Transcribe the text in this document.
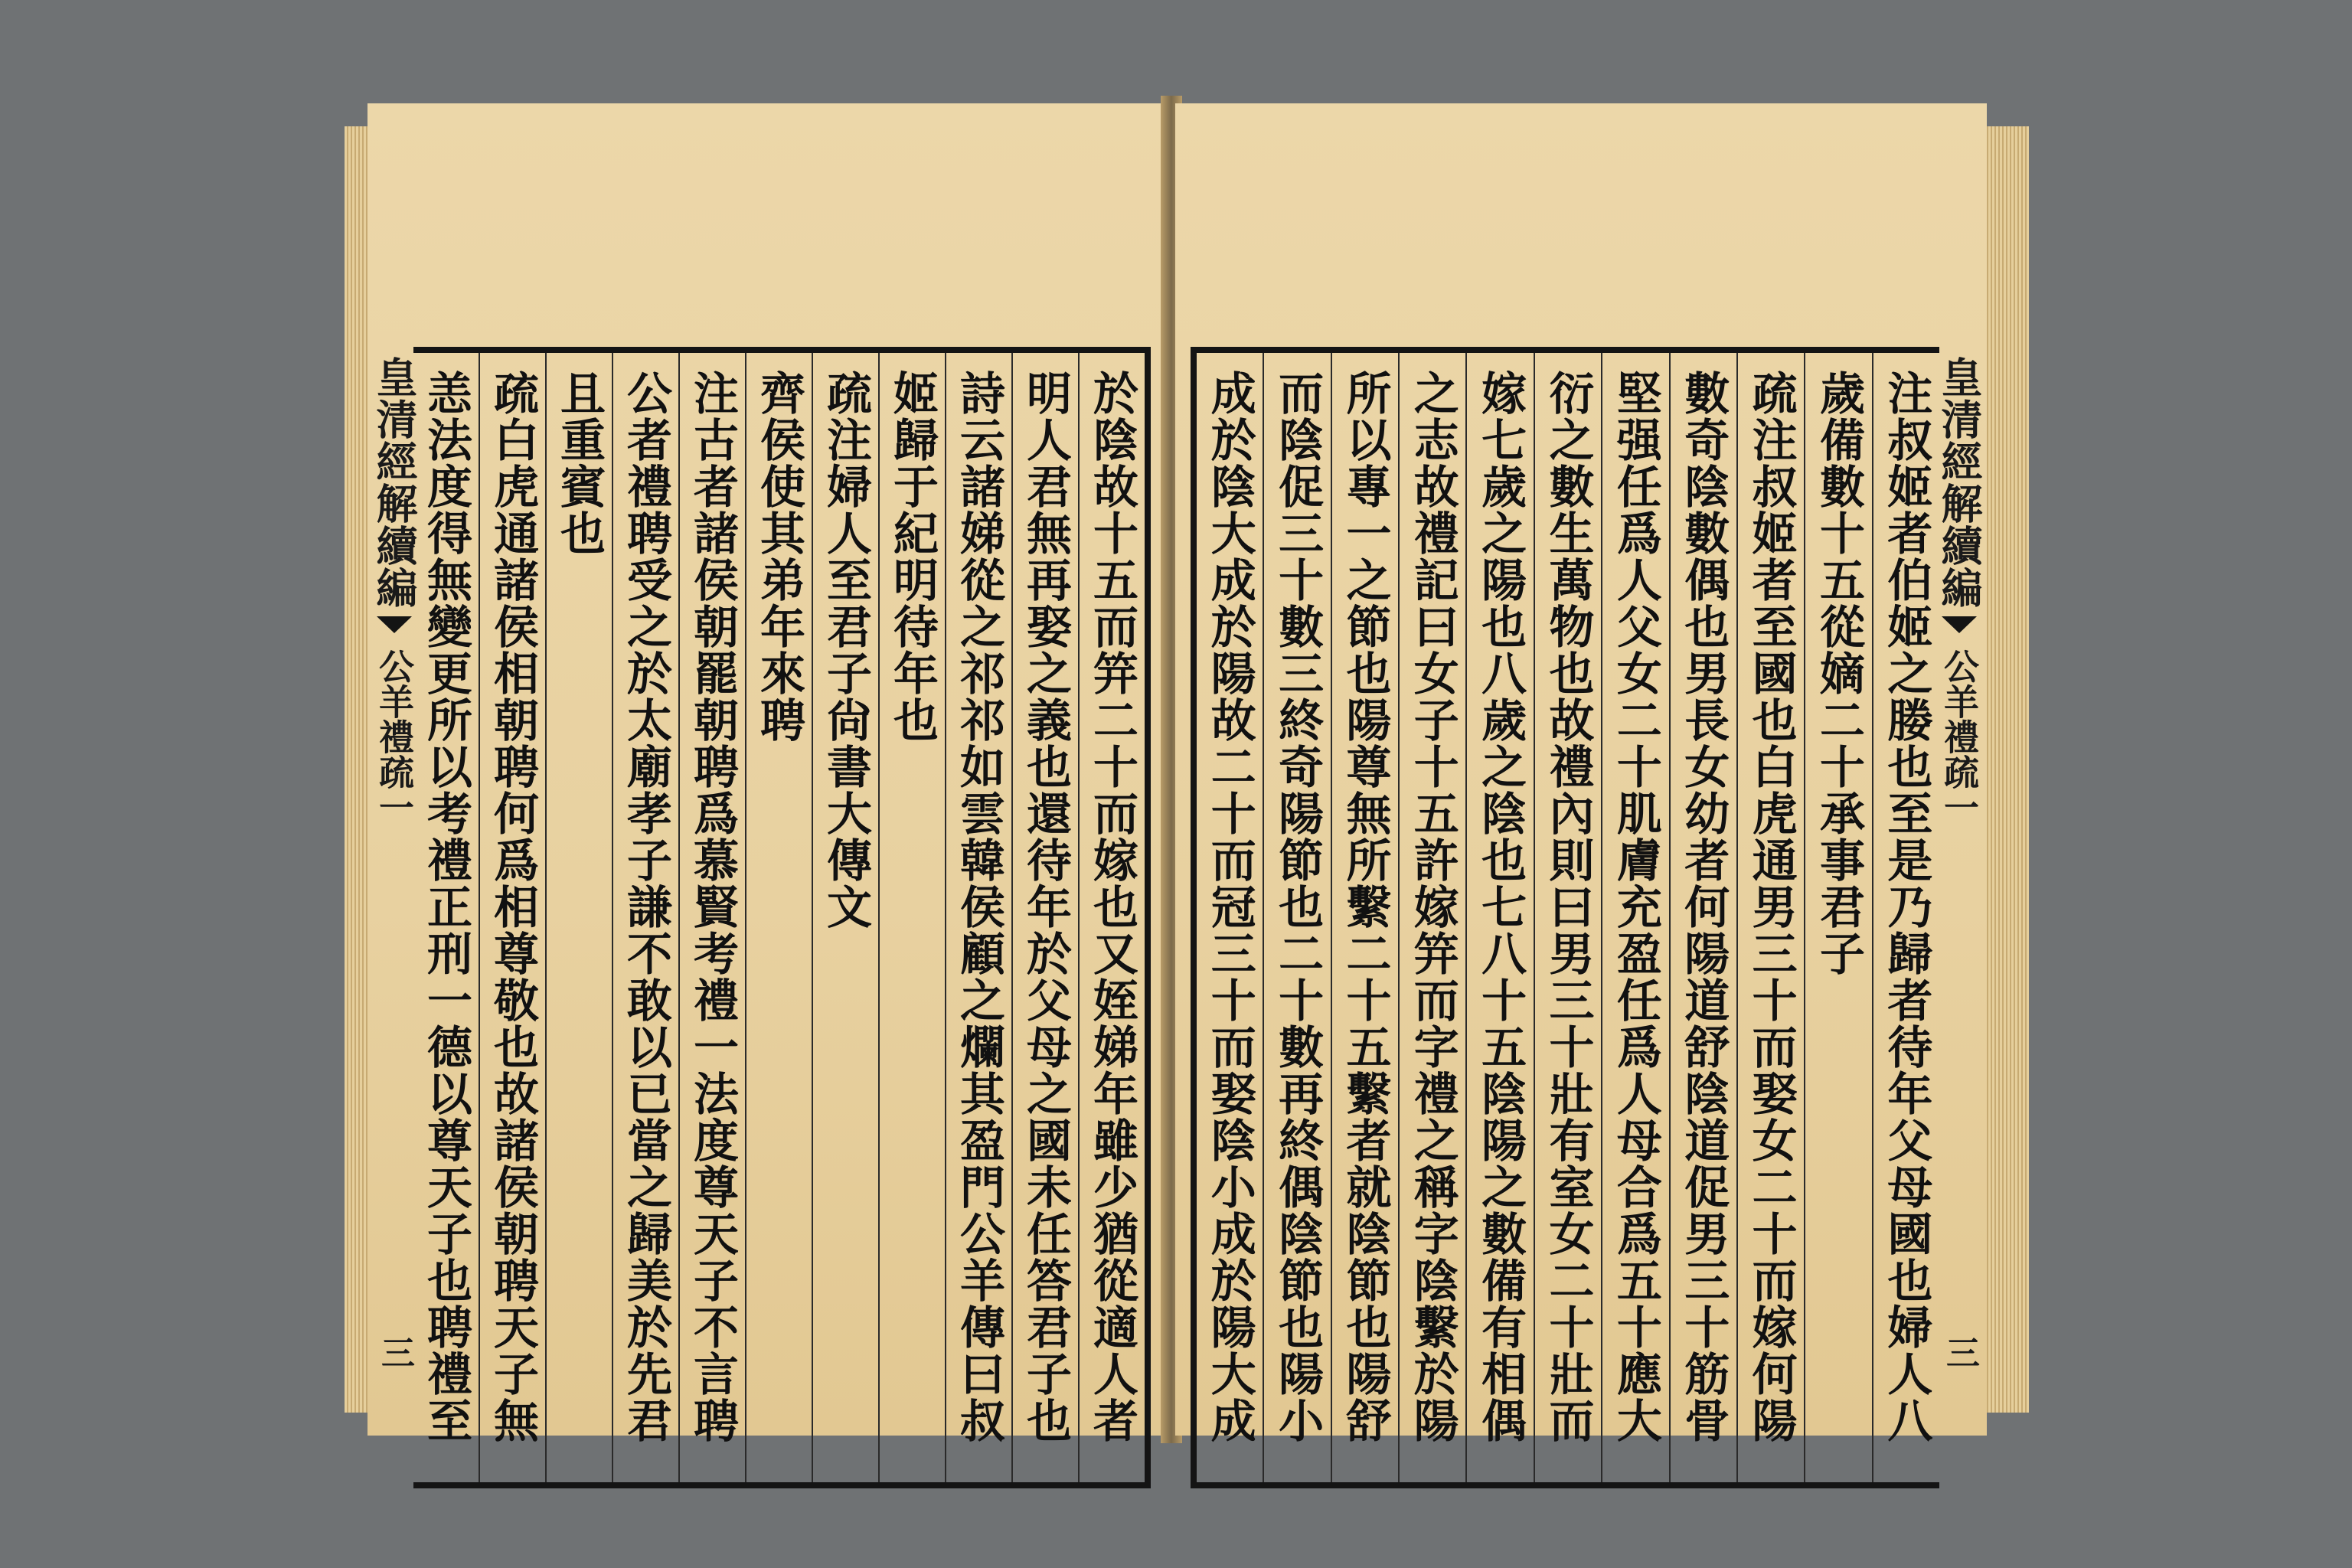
皇清經解續編
公羊禮疏一
三	於陰故十五而笄二十而嫁也又姪娣年雖少猶從適人者
明人君無再娶之義也還待年於父母之國未任答君子也
詩云諸娣從之祁祁如雲韓侯顧之爛其盈門公羊傳曰叔
姬歸于紀明待年也
疏注婦人至君子尙書大傳文
齊侯使其弟年來聘
注古者諸侯朝罷朝聘爲慕賢考禮一法度尊天子不言聘
公者禮聘受之於太廟孝子謙不敢以已當之歸美於先君
且重賓也
疏白虎通諸侯相朝聘何爲相尊敬也故諸侯朝聘天子無
恙法度得無變更所以考禮正刑一德以尊天子也聘禮至	注叔姬者伯姬之媵也至是乃歸者待年父母國也婦人八
歲備數十五從嫡二十承事君子
疏注叔姬者至國也白虎通男三十而娶女二十而嫁何陽
數奇陰數偶也男長女幼者何陽道舒陰道促男三十筋骨
堅强任爲人父女二十肌膚充盈任爲人母合爲五十應大
衍之數生萬物也故禮內則曰男三十壯有室女二十壯而
嫁七歲之陽也八歲之陰也七八十五陰陽之數備有相偶
之志故禮記曰女子十五許嫁笄而字禮之稱字陰繫於陽
所以專一之節也陽尊無所繫二十五繫者就陰節也陽舒
而陰促三十數三終奇陽節也二十數再終偶陰節也陽小
成於陰大成於陽故二十而冠三十而娶陰小成於陽大成	皇清經解續編
公羊禮疏一
三
